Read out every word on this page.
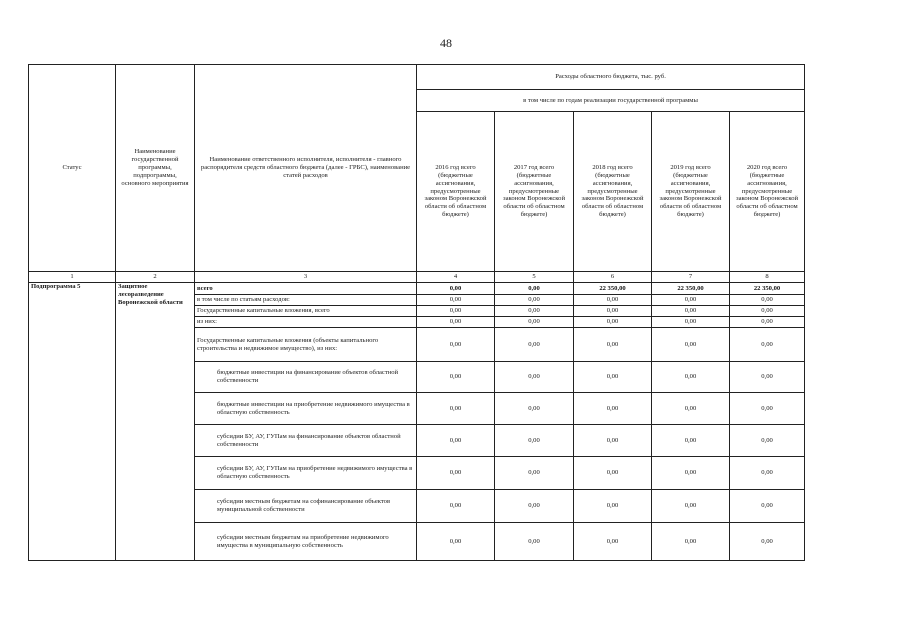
48
Статус	Наименование государственной программы, подпрограммы, основного мероприятия	Наименование ответственного исполнителя, исполнителя - главного распорядителя средств областного бюджета (далее - ГРБС), наименование статей расходов	Расходы областного бюджета, тыс. руб.				
			в том числе по годам реализации государственной программы				
			2016 год всего (бюджетные ассигнования, предусмотренные законом Воронежской области об областном бюджете)	2017 год всего (бюджетные ассигнования, предусмотренные законом Воронежской области об областном бюджете)	2018 год всего (бюджетные ассигнования, предусмотренные законом Воронежской области об областном бюджете)	2019 год всего (бюджетные ассигнования, предусмотренные законом Воронежской области об областном бюджете)	2020 год всего (бюджетные ассигнования, предусмотренные законом Воронежской области об областном бюджете)
1	2	3	4	5	6	7	8
Подпрограмма 5	Защитное лесоразведение Воронежской области	всего	0,00	0,00	22 350,00	22 350,00	22 350,00
		в том числе по статьям расходов:	0,00	0,00	0,00	0,00	0,00
		Государственные капитальные вложения, всего	0,00	0,00	0,00	0,00	0,00
		из них:	0,00	0,00	0,00	0,00	0,00
		Государственные капитальные вложения (объекты капитального строительства и недвижимое имущество), из них:	0,00	0,00	0,00	0,00	0,00
		бюджетные инвестиции на финансирование объектов областной собственности	0,00	0,00	0,00	0,00	0,00
		бюджетные инвестиции на приобретение недвижимого имущества в областную собственность	0,00	0,00	0,00	0,00	0,00
		субсидии БУ, АУ, ГУПам на финансирование объектов областной собственности	0,00	0,00	0,00	0,00	0,00
		субсидии БУ, АУ, ГУПам на приобретение недвижимого имущества в областную собственность	0,00	0,00	0,00	0,00	0,00
		субсидии местным бюджетам на софинансирование объектов муниципальной собственности	0,00	0,00	0,00	0,00	0,00
		субсидии местным бюджетам на приобретение недвижимого имущества в муниципальную собственность	0,00	0,00	0,00	0,00	0,00
